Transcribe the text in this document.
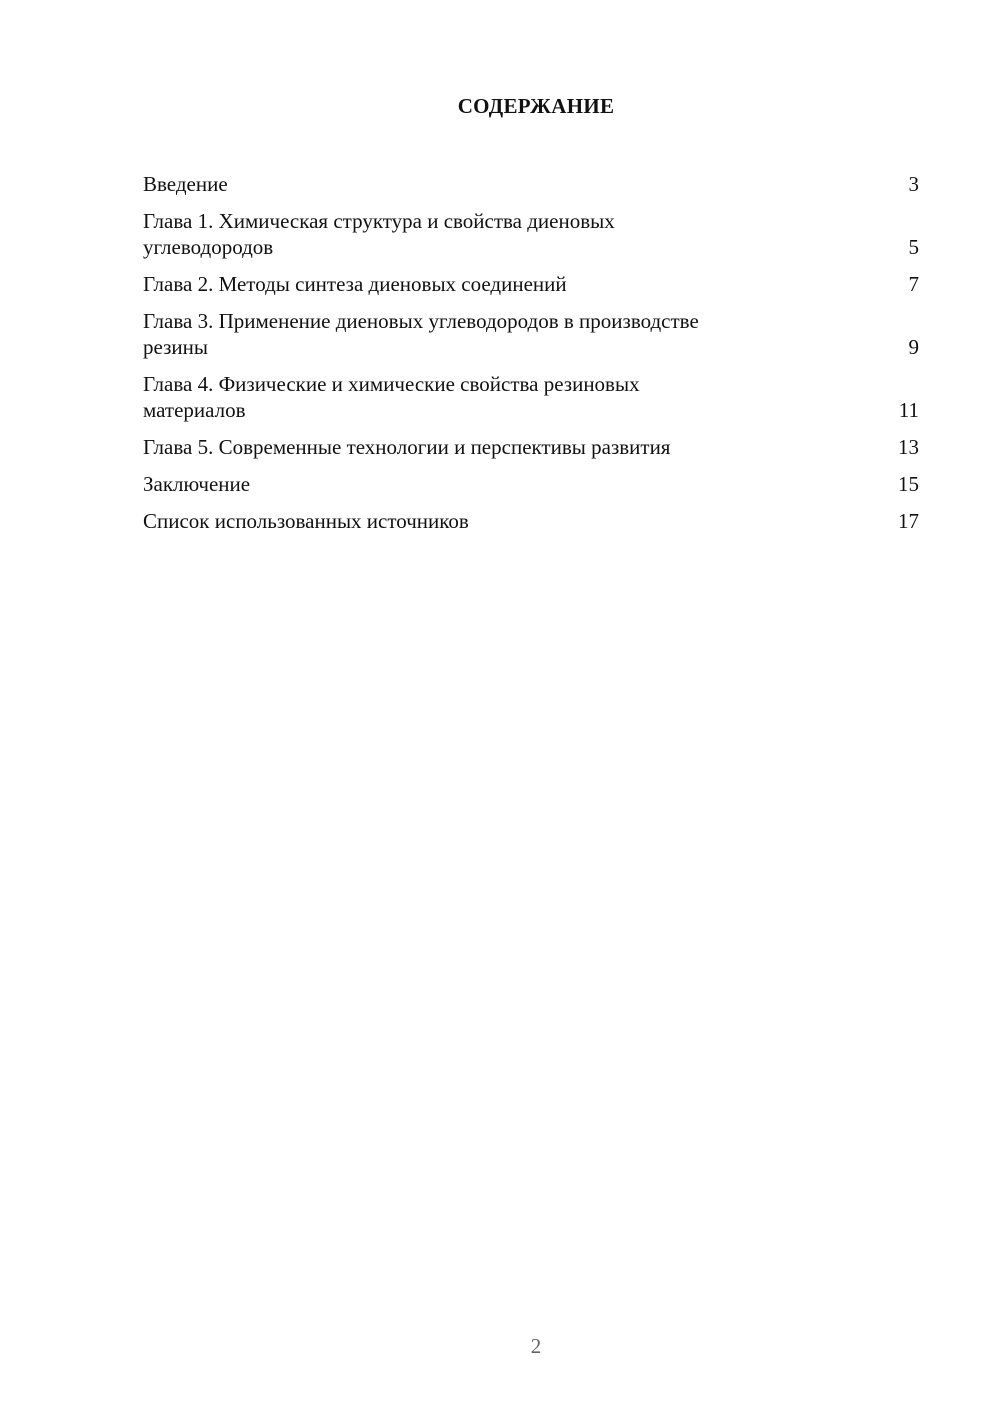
СОДЕРЖАНИЕ
Введение	3
Глава 1. Химическая структура и свойства диеновых
углеводородов	5
Глава 2. Методы синтеза диеновых соединений	7
Глава 3. Применение диеновых углеводородов в производстве
резины	9
Глава 4. Физические и химические свойства резиновых
материалов	11
Глава 5. Современные технологии и перспективы развития	13
Заключение	15
Список использованных источников	17
2
